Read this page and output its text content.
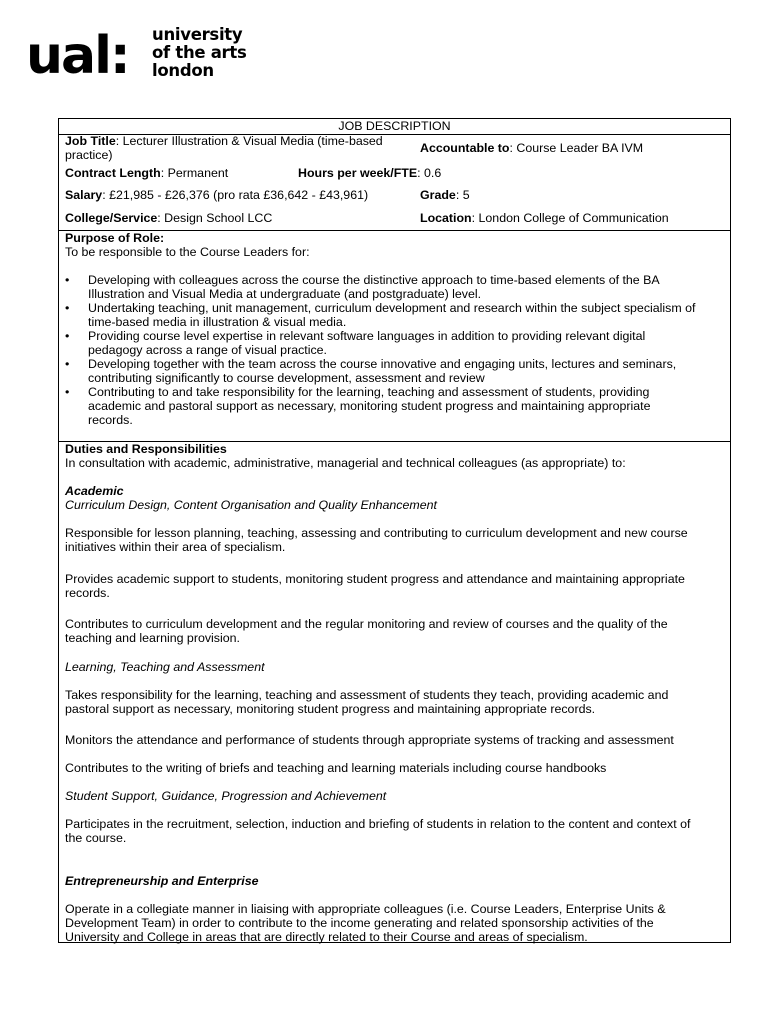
ual: university
of the arts
london
JOB DESCRIPTION
Job Title: Lecturer Illustration & Visual Media (time-based practice)	Accountable to: Course Leader BA IVM
Contract Length: Permanent	Hours per week/FTE: 0.6
Salary: £21,985 - £26,376 (pro rata £36,642 - £43,961)	Grade: 5
College/Service: Design School LCC	Location: London College of Communication
Purpose of Role:
To be responsible to the Course Leaders for:
• Developing with colleagues across the course the distinctive approach to time-based elements of the BA
Illustration and Visual Media at undergraduate (and postgraduate) level.
• Undertaking teaching, unit management, curriculum development and research within the subject specialism of
time-based media in illustration & visual media.
• Providing course level expertise in relevant software languages in addition to providing relevant digital
pedagogy across a range of visual practice.
• Developing together with the team across the course innovative and engaging units, lectures and seminars,
contributing significantly to course development, assessment and review
• Contributing to and take responsibility for the learning, teaching and assessment of students, providing
academic and pastoral support as necessary, monitoring student progress and maintaining appropriate
records.
Duties and Responsibilities
In consultation with academic, administrative, managerial and technical colleagues (as appropriate) to:
Academic
Curriculum Design, Content Organisation and Quality Enhancement
Responsible for lesson planning, teaching, assessing and contributing to curriculum development and new course
initiatives within their area of specialism.
Provides academic support to students, monitoring student progress and attendance and maintaining appropriate
records.
Contributes to curriculum development and the regular monitoring and review of courses and the quality of the
teaching and learning provision.
Learning, Teaching and Assessment
Takes responsibility for the learning, teaching and assessment of students they teach, providing academic and
pastoral support as necessary, monitoring student progress and maintaining appropriate records.
Monitors the attendance and performance of students through appropriate systems of tracking and assessment
Contributes to the writing of briefs and teaching and learning materials including course handbooks
Student Support, Guidance, Progression and Achievement
Participates in the recruitment, selection, induction and briefing of students in relation to the content and context of
the course.
Entrepreneurship and Enterprise
Operate in a collegiate manner in liaising with appropriate colleagues (i.e. Course Leaders, Enterprise Units &
Development Team) in order to contribute to the income generating and related sponsorship activities of the
University and College in areas that are directly related to their Course and areas of specialism.
